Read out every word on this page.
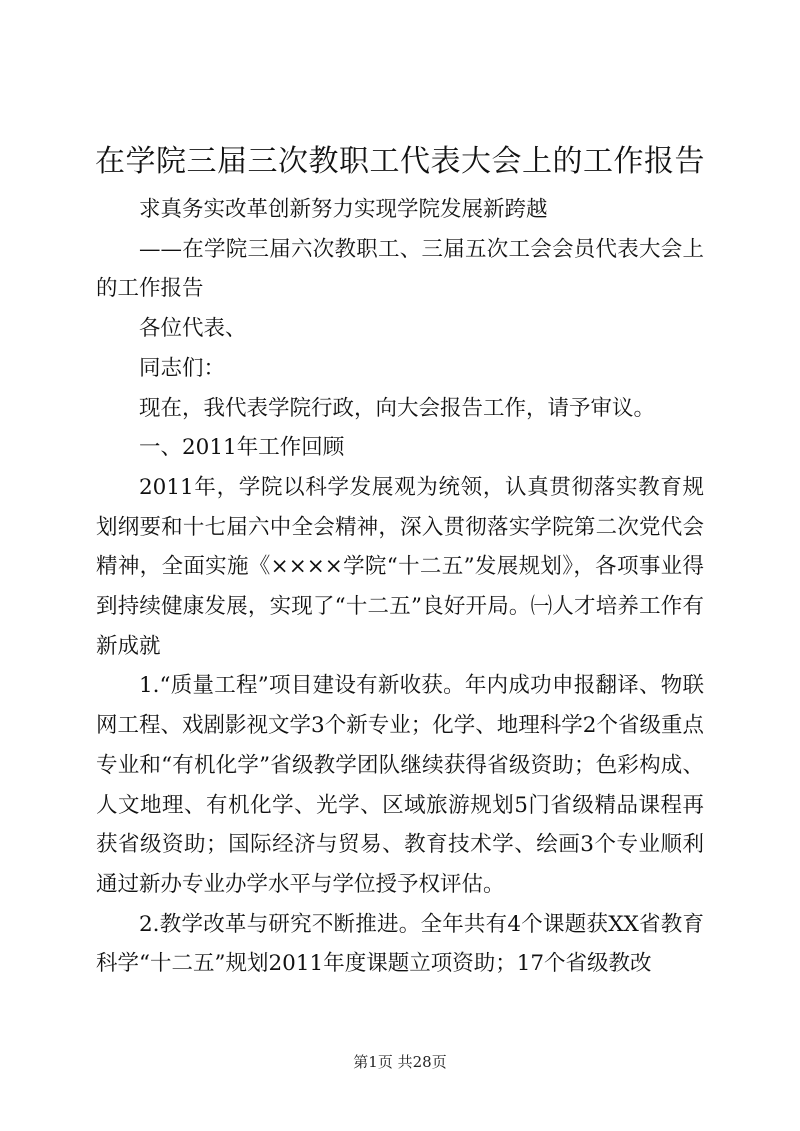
在学院三届三次教职工代表大会上的工作报告

求真务实改革创新努力实现学院发展新跨越

——在学院三届六次教职工、三届五次工会会员代表大会上的工作报告

各位代表、

同志们：

现在，我代表学院行政，向大会报告工作，请予审议。

一、2011年工作回顾

2011年，学院以科学发展观为统领，认真贯彻落实教育规划纲要和十七届六中全会精神，深入贯彻落实学院第二次党代会精神，全面实施《××××学院“十二五”发展规划》，各项事业得到持续健康发展，实现了“十二五”良好开局。㈠人才培养工作有新成就

1.“质量工程”项目建设有新收获。年内成功申报翻译、物联网工程、戏剧影视文学3个新专业；化学、地理科学2个省级重点专业和“有机化学”省级教学团队继续获得省级资助；色彩构成、人文地理、有机化学、光学、区域旅游规划5门省级精品课程再获省级资助；国际经济与贸易、教育技术学、绘画3个专业顺利通过新办专业办学水平与学位授予权评估。

2.教学改革与研究不断推进。全年共有4个课题获XX省教育科学“十二五”规划2011年度课题立项资助；17个省级教改

第1页 共28页
